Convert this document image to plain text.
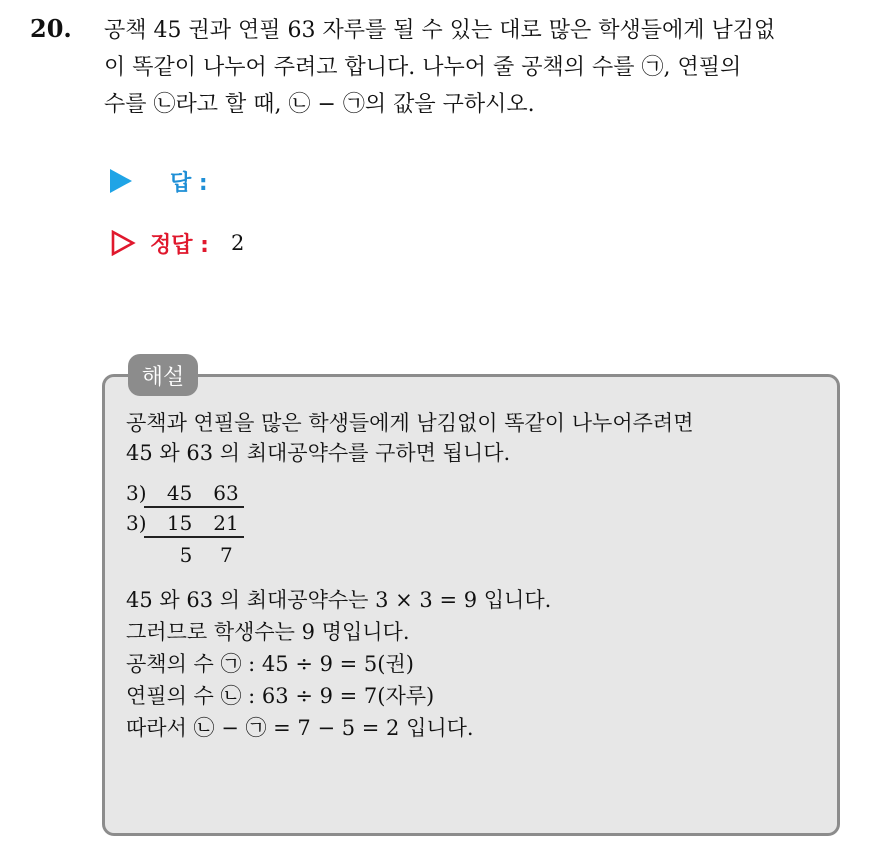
20. 공책 45 권과 연필 63 자루를 될 수 있는 대로 많은 학생들에게 남김없
이 똑같이 나누어 주려고 합니다. 나누어 줄 공책의 수를 ㉠, 연필의
수를 ㉡라고 할 때, ㉡ − ㉠의 값을 구하시오.

답 :
정답 : 2
해설
공책과 연필을 많은 학생들에게 남김없이 똑같이 나누어주려면
45 와 63 의 최대공약수를 구하면 됩니다.
3) 45 63
3) 15 21
5 7
45 와 63 의 최대공약수는 3 × 3 = 9 입니다.
그러므로 학생수는 9 명입니다.
공책의 수 ㉠ : 45 ÷ 9 = 5(권)
연필의 수 ㉡ : 63 ÷ 9 = 7(자루)
따라서 ㉡ − ㉠ = 7 − 5 = 2 입니다.
